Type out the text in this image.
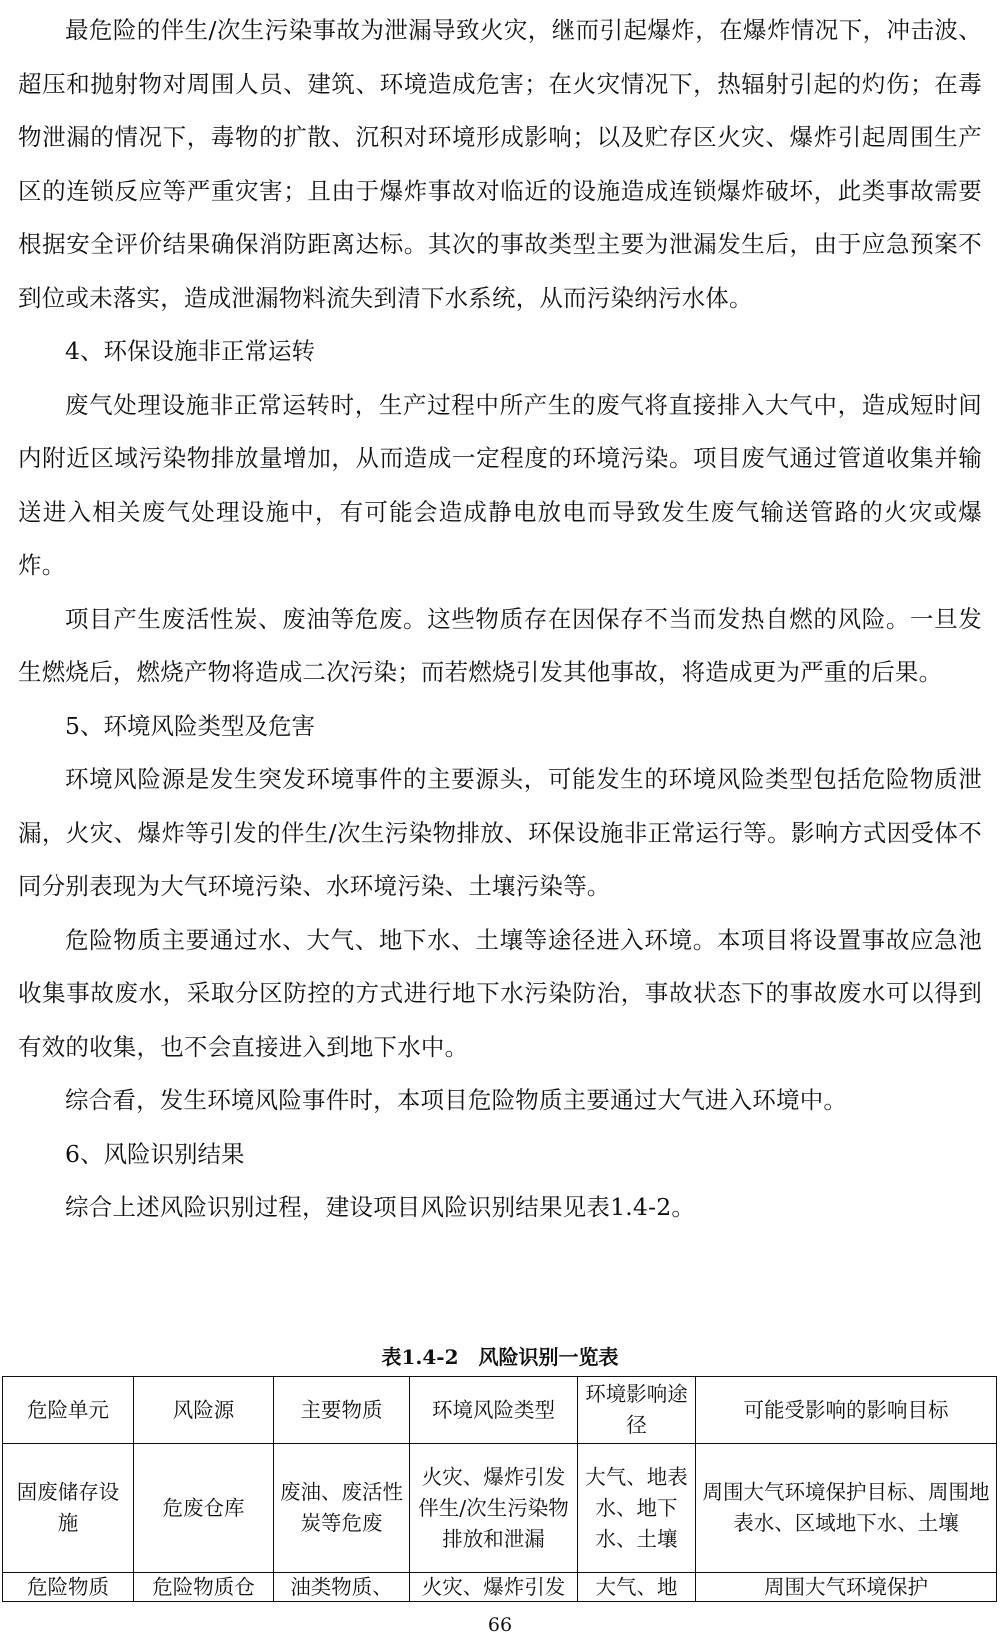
最危险的伴生/次生污染事故为泄漏导致火灾，继而引起爆炸，在爆炸情况下，冲击波、超压和抛射物对周围人员、建筑、环境造成危害；在火灾情况下，热辐射引起的灼伤；在毒物泄漏的情况下，毒物的扩散、沉积对环境形成影响；以及贮存区火灾、爆炸引起周围生产区的连锁反应等严重灾害；且由于爆炸事故对临近的设施造成连锁爆炸破坏，此类事故需要根据安全评价结果确保消防距离达标。其次的事故类型主要为泄漏发生后，由于应急预案不到位或未落实，造成泄漏物料流失到清下水系统，从而污染纳污水体。

4、环保设施非正常运转

废气处理设施非正常运转时，生产过程中所产生的废气将直接排入大气中，造成短时间内附近区域污染物排放量增加，从而造成一定程度的环境污染。项目废气通过管道收集并输送进入相关废气处理设施中，有可能会造成静电放电而导致发生废气输送管路的火灾或爆炸。

项目产生废活性炭、废油等危废。这些物质存在因保存不当而发热自燃的风险。一旦发生燃烧后，燃烧产物将造成二次污染；而若燃烧引发其他事故，将造成更为严重的后果。

5、环境风险类型及危害

环境风险源是发生突发环境事件的主要源头，可能发生的环境风险类型包括危险物质泄漏，火灾、爆炸等引发的伴生/次生污染物排放、环保设施非正常运行等。影响方式因受体不同分别表现为大气环境污染、水环境污染、土壤污染等。

危险物质主要通过水、大气、地下水、土壤等途径进入环境。本项目将设置事故应急池收集事故废水，采取分区防控的方式进行地下水污染防治，事故状态下的事故废水可以得到有效的收集，也不会直接进入到地下水中。

综合看，发生环境风险事件时，本项目危险物质主要通过大气进入环境中。

6、风险识别结果

综合上述风险识别过程，建设项目风险识别结果见表1.4-2。

表1.4-2　风险识别一览表
危险单元	风险源	主要物质	环境风险类型	环境影响途径	可能受影响的影响目标
固废储存设施	危废仓库	废油、废活性炭等危废	火灾、爆炸引发伴生/次生污染物排放和泄漏	大气、地表水、地下水、土壤	周围大气环境保护目标、周围地表水、区域地下水、土壤
危险物质	危险物质仓	油类物质、	火灾、爆炸引发	大气、地	周围大气环境保护
66
